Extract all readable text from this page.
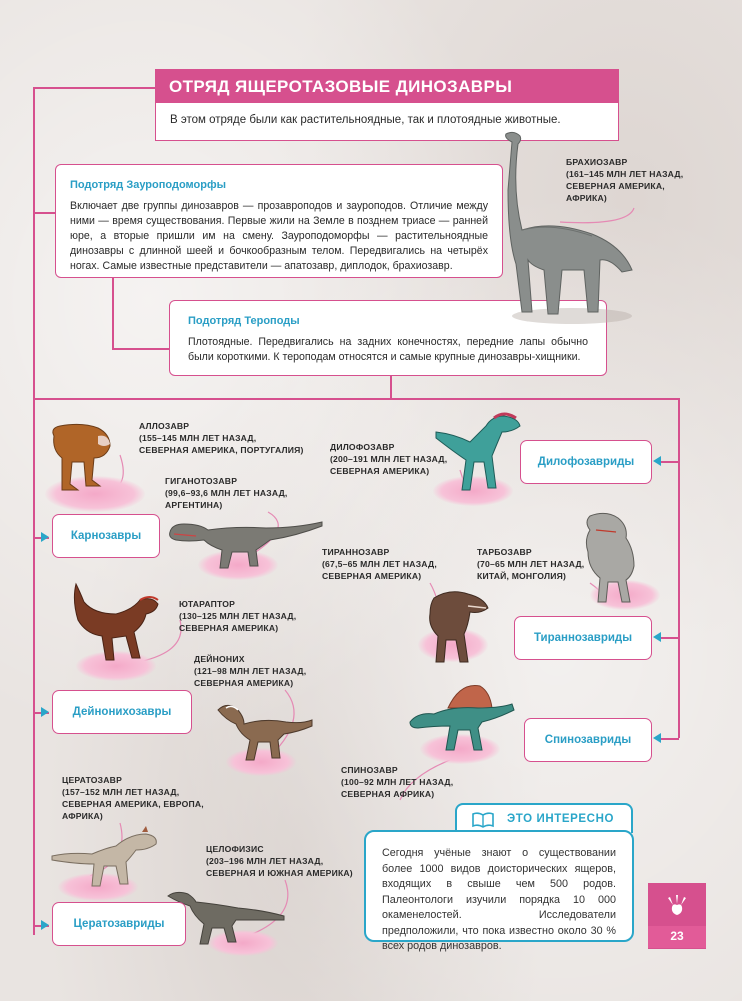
ОТРЯД ЯЩЕРОТАЗОВЫЕ ДИНОЗАВРЫ
В этом отряде были как растительноядные, так и плотоядные животные.
Подотряд Зауроподоморфы

Включает две группы динозавров — прозавроподов и зауроподов. Отличие между ними — время существования. Первые жили на Земле в позднем триасе — ранней юре, а вторые пришли им на смену. Зауроподоморфы — растительноядные динозавры с длинной шеей и бочкообразным телом. Передвигались на четырёх ногах. Самые известные представители — апатозавр, диплодок, брахиозавр.

Подотряд Тероподы

Плотоядные. Передвигались на задних конечностях, передние лапы обычно были короткими. К тероподам относятся и самые крупные динозавры-хищники.

БРАХИОЗАВР
(161–145 МЛН ЛЕТ НАЗАД,
СЕВЕРНАЯ АМЕРИКА,
АФРИКА)
АЛЛОЗАВР
(155–145 МЛН ЛЕТ НАЗАД,
СЕВЕРНАЯ АМЕРИКА, ПОРТУГАЛИЯ)
ГИГАНОТОЗАВР
(99,6–93,6 МЛН ЛЕТ НАЗАД,
АРГЕНТИНА)
ЮТАРАПТОР
(130–125 МЛН ЛЕТ НАЗАД,
СЕВЕРНАЯ АМЕРИКА)
ДЕЙНОНИХ
(121–98 МЛН ЛЕТ НАЗАД,
СЕВЕРНАЯ АМЕРИКА)
ЦЕРАТОЗАВР
(157–152 МЛН ЛЕТ НАЗАД,
СЕВЕРНАЯ АМЕРИКА, ЕВРОПА,
АФРИКА)
ЦЕЛОФИЗИС
(203–196 МЛН ЛЕТ НАЗАД,
СЕВЕРНАЯ И ЮЖНАЯ АМЕРИКА)
ДИЛОФОЗАВР
(200–191 МЛН ЛЕТ НАЗАД,
СЕВЕРНАЯ АМЕРИКА)
ТИРАННОЗАВР
(67,5–65 МЛН ЛЕТ НАЗАД,
СЕВЕРНАЯ АМЕРИКА)
ТАРБОЗАВР
(70–65 МЛН ЛЕТ НАЗАД,
КИТАЙ, МОНГОЛИЯ)
СПИНОЗАВР
(100–92 МЛН ЛЕТ НАЗАД,
СЕВЕРНАЯ АФРИКА)
Карнозавры
Дейнонихозавры
Цератозавриды
Дилофозавриды
Тираннозавриды
Спинозавриды
ЭТО ИНТЕРЕСНО
Сегодня учёные знают о существовании более 1000 видов доисторических ящеров, входящих в свыше чем 500 родов. Палеонтологи изучили порядка 10 000 окаменелостей. Исследователи предположили, что пока известно около 30 % всех родов динозавров.
23
